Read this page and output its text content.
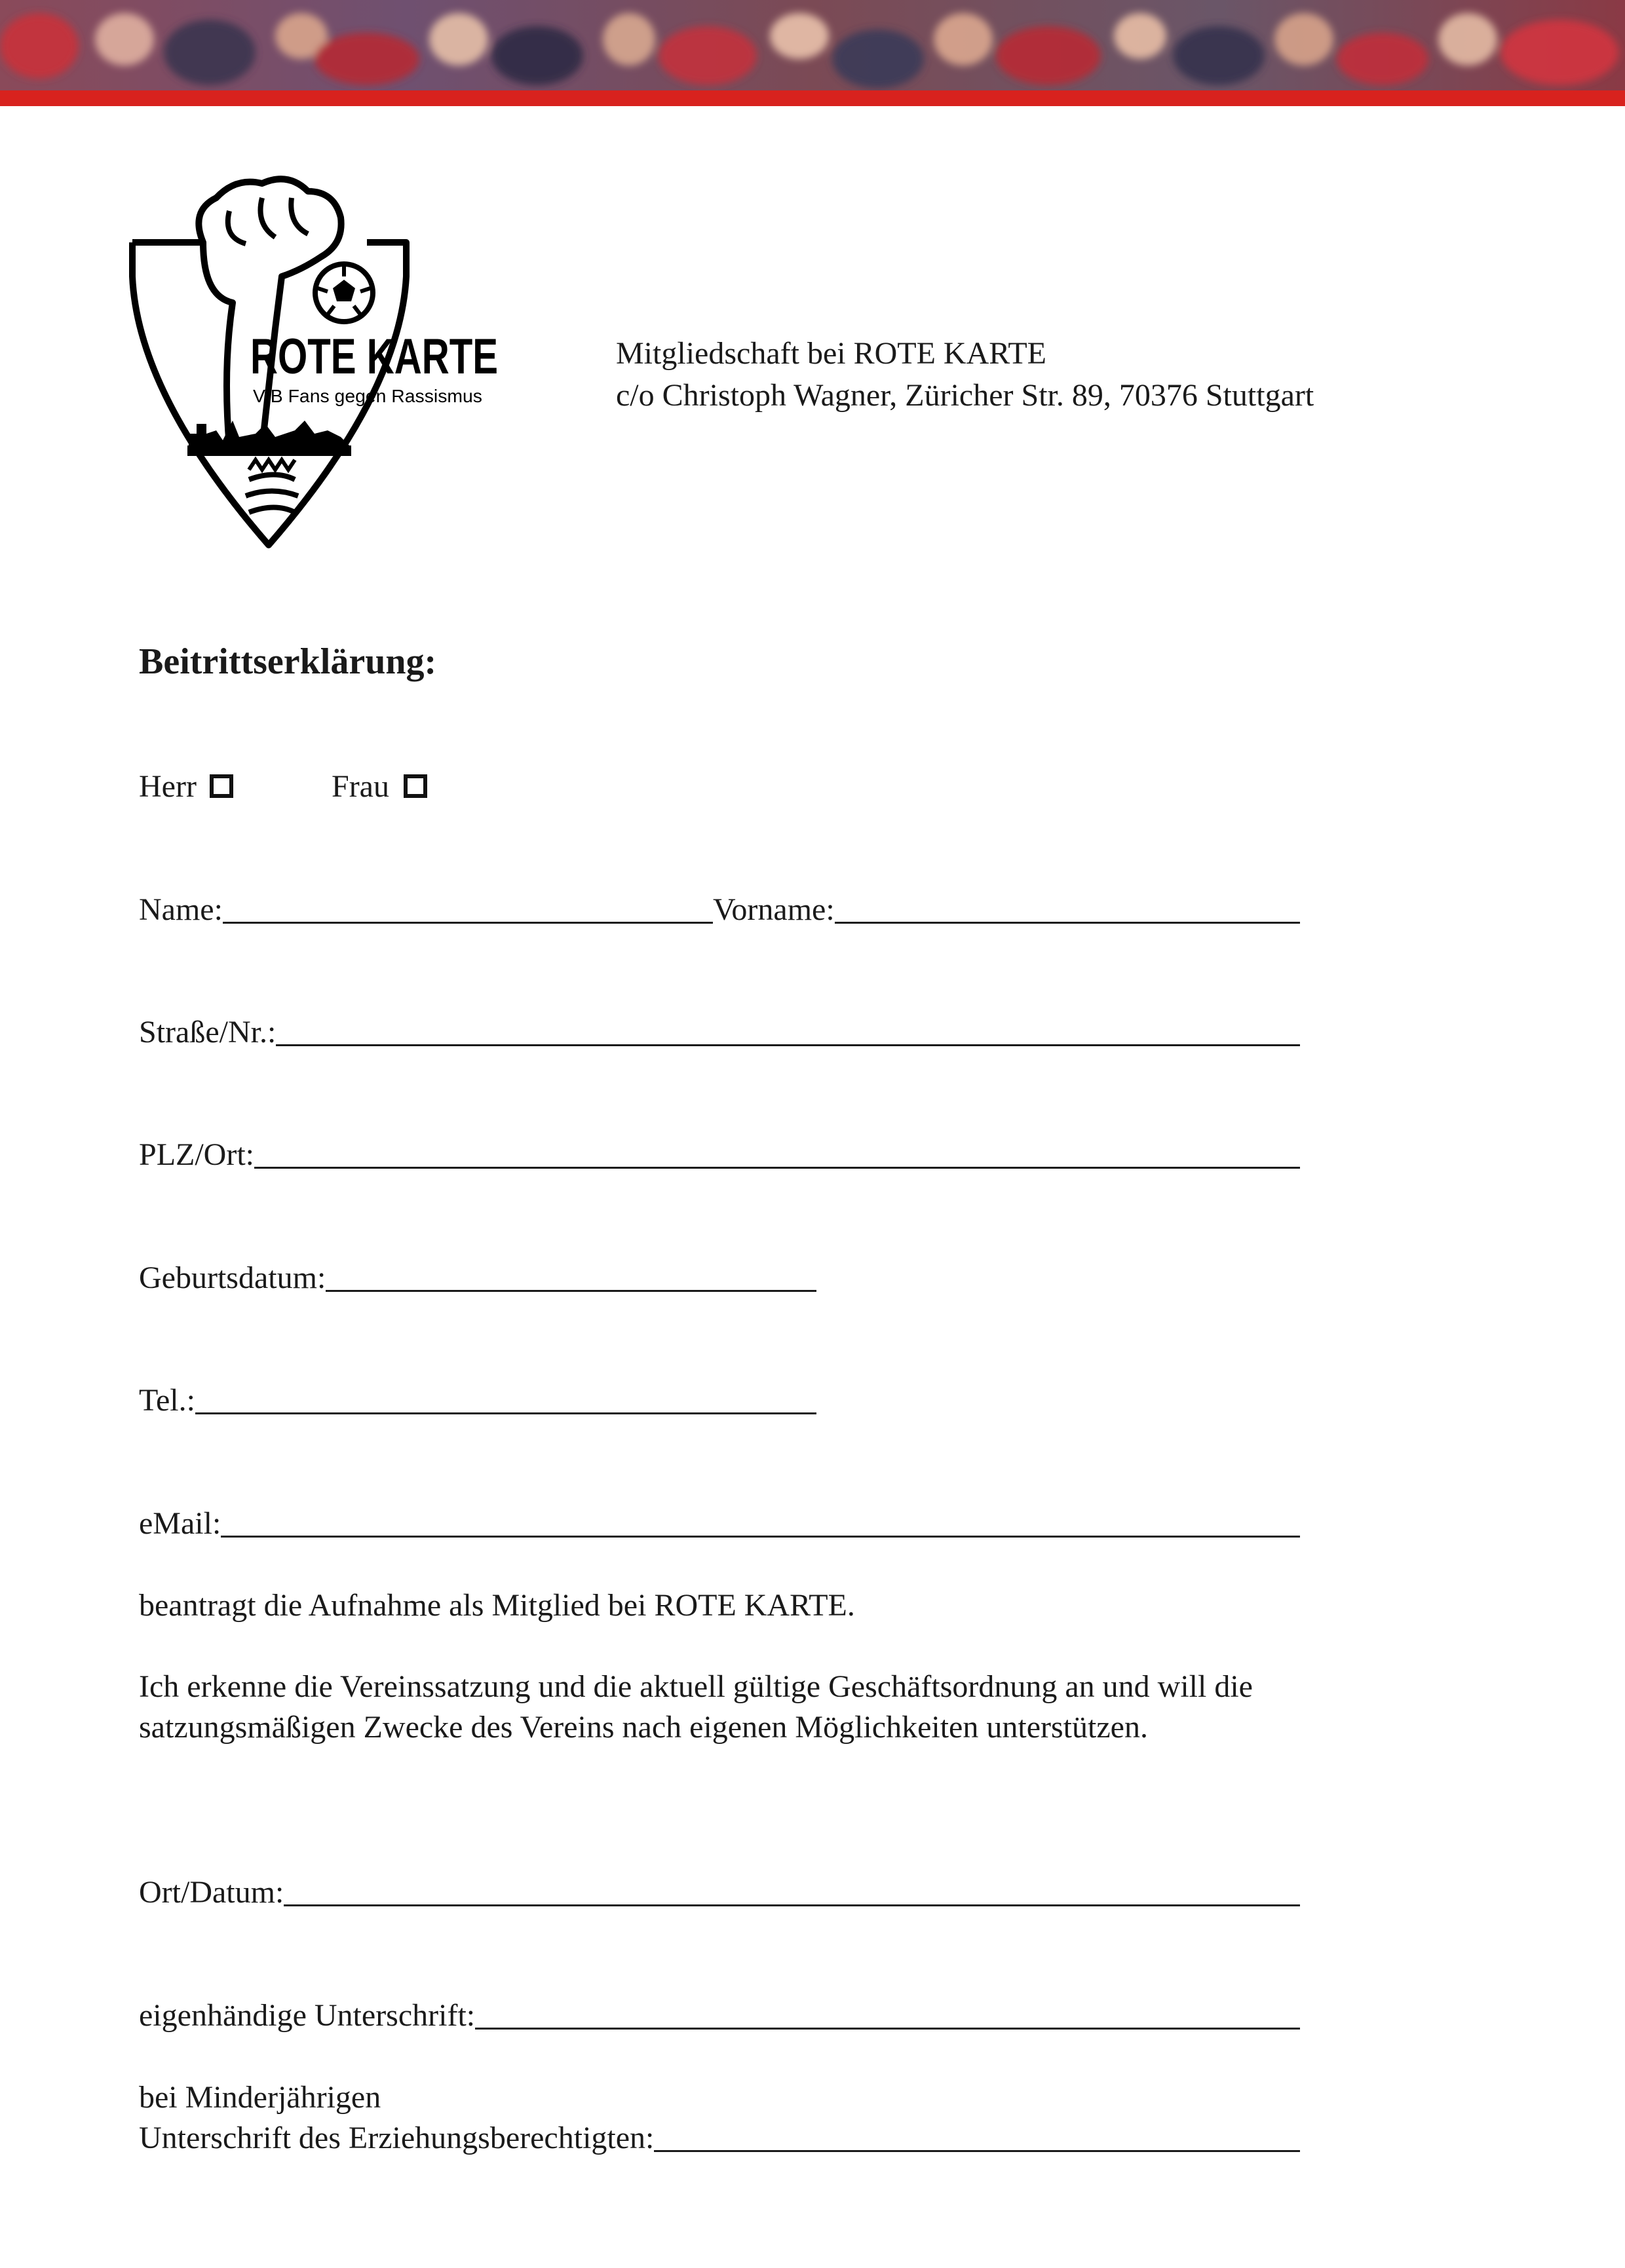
ROTE KARTE
VfB Fans gegen Rassismus
Mitgliedschaft bei ROTE KARTE
c/o Christoph Wagner, Züricher Str. 89, 70376 Stuttgart
Beitrittserklärung:
Herr	Frau
Name:	Vorname:
Straße/Nr.:
PLZ/Ort:
Geburtsdatum:
Tel.:
eMail:
beantragt die Aufnahme als Mitglied bei ROTE KARTE.
Ich erkenne die Vereinssatzung und die aktuell gültige Geschäftsordnung an und will die
satzungsmäßigen Zwecke des Vereins nach eigenen Möglichkeiten unterstützen.
Ort/Datum:
eigenhändige Unterschrift:
bei Minderjährigen
Unterschrift des Erziehungsberechtigten:
